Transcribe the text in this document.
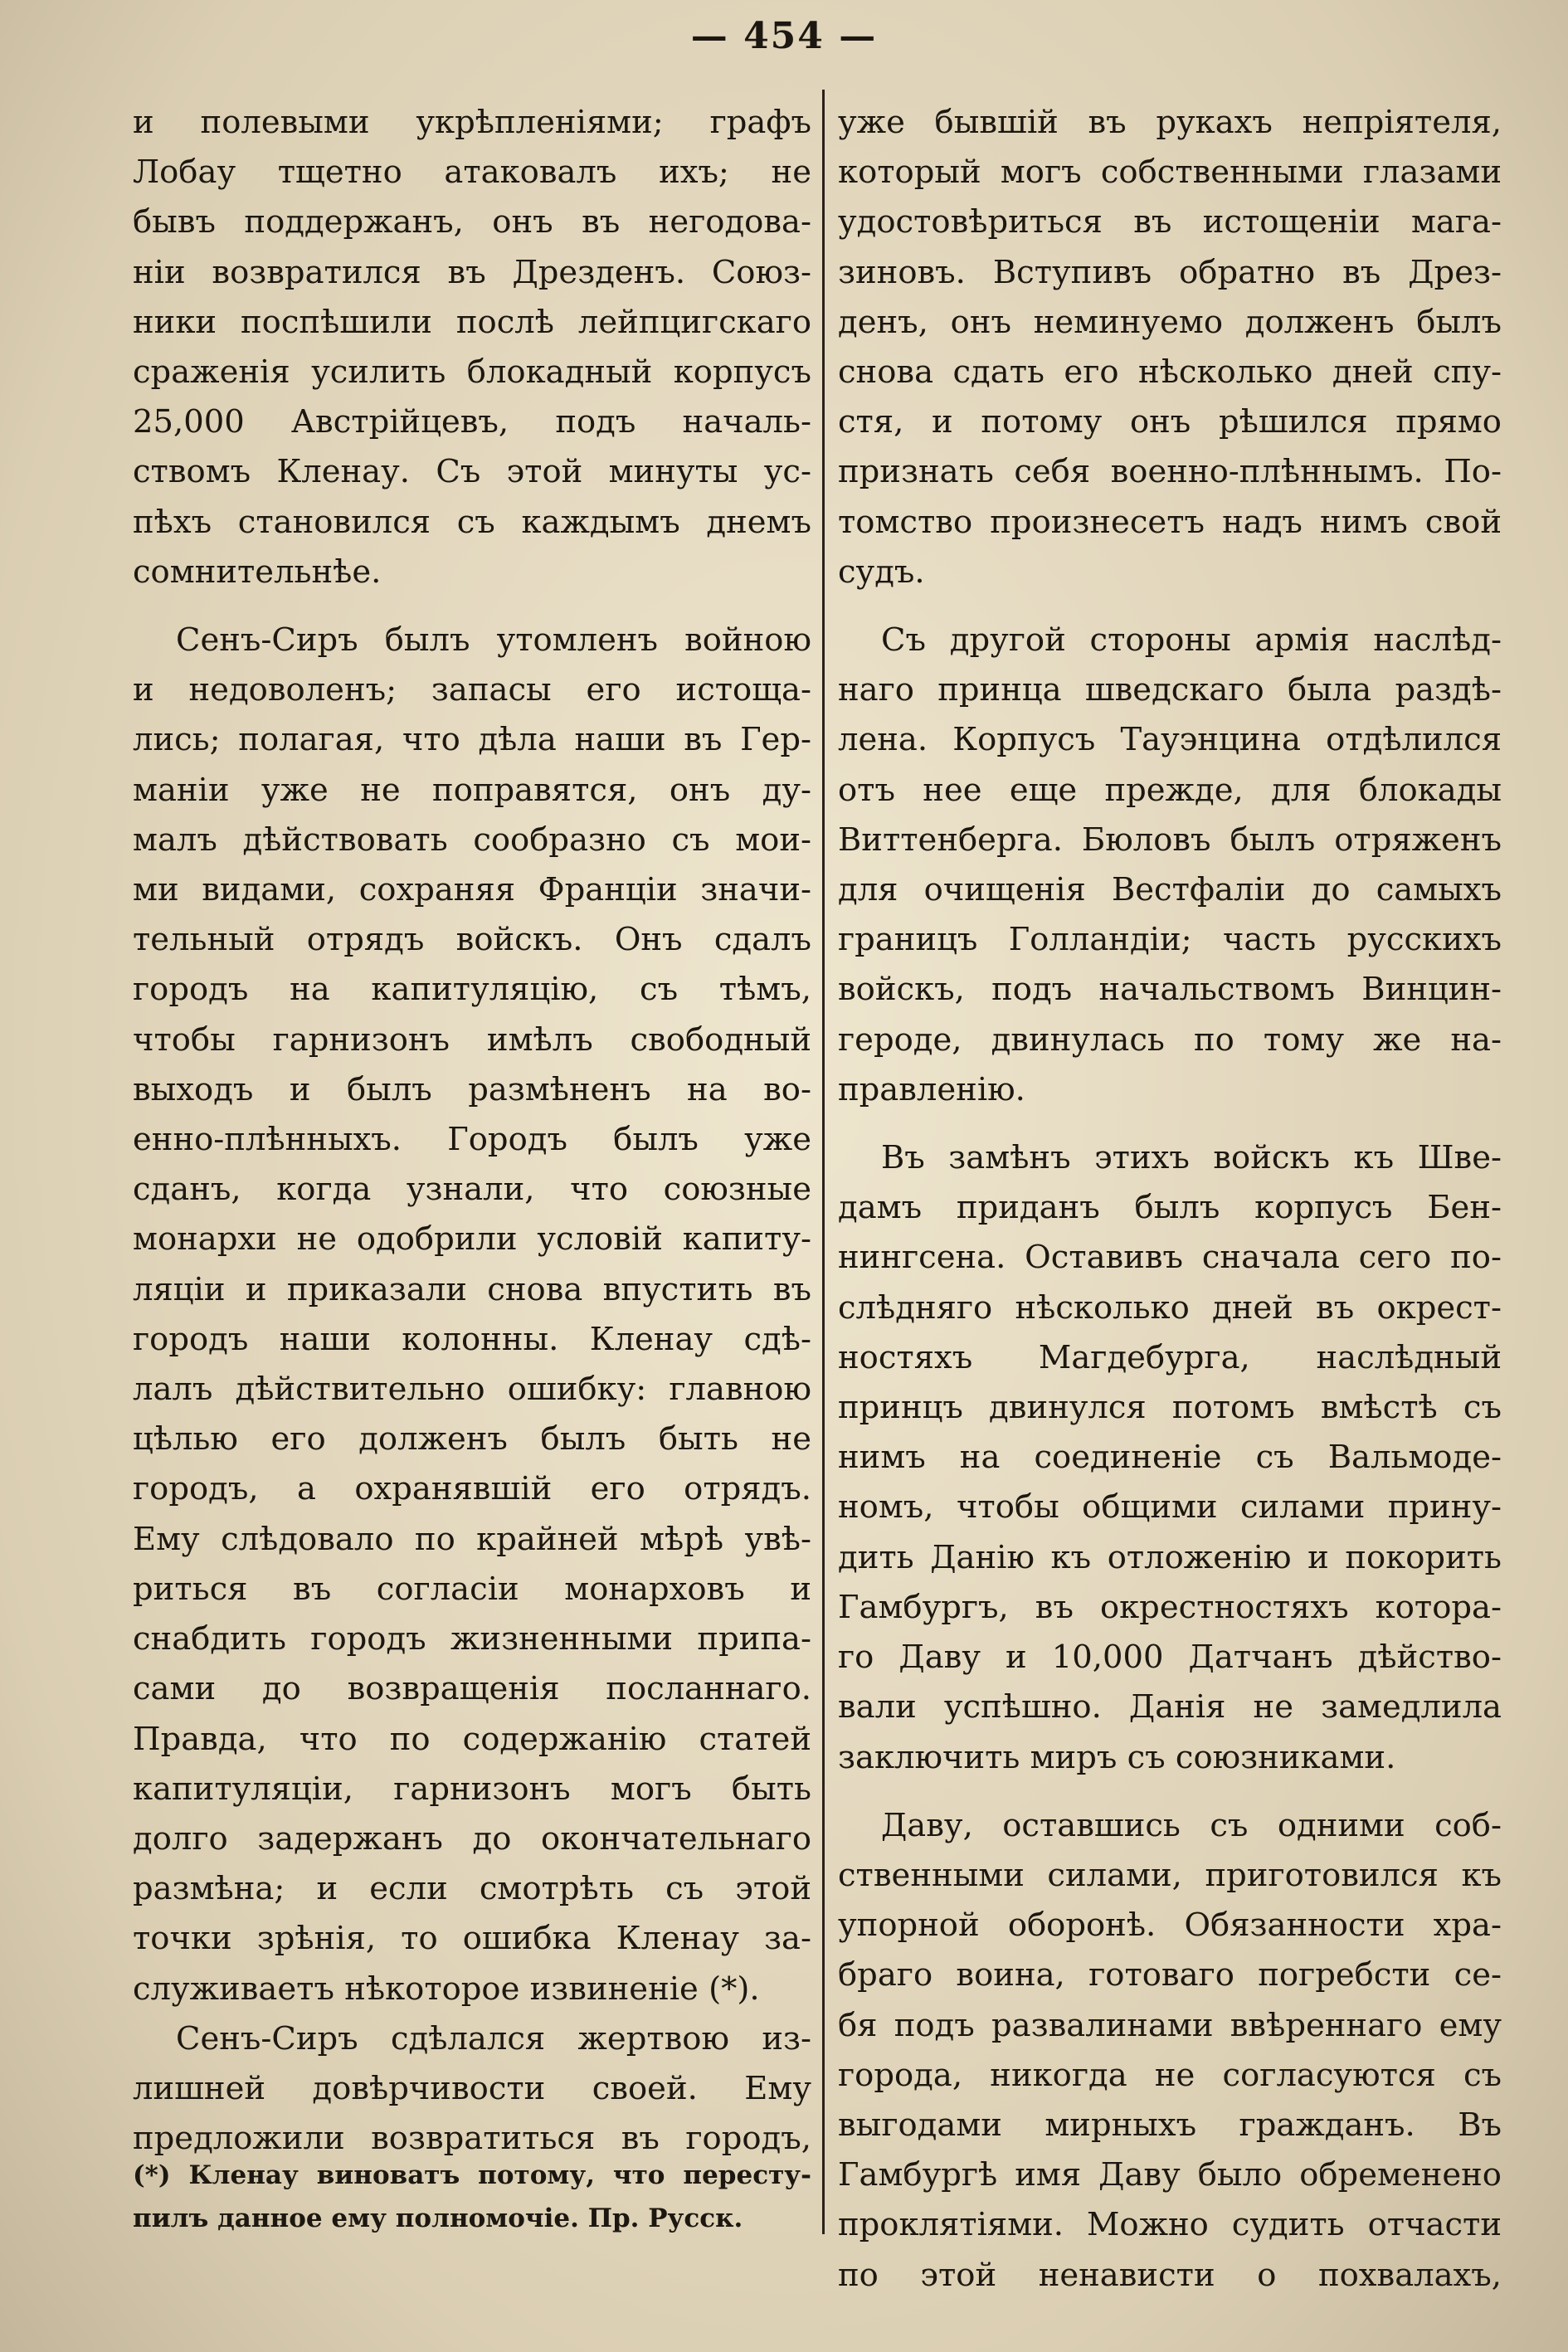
— 454 —
и полевыми укрѣпленіями; графъ
Лобау тщетно атаковалъ ихъ; не
бывъ поддержанъ, онъ въ негодова-
ніи возвратился въ Дрезденъ. Союз-
ники поспѣшили послѣ лейпцигскаго
сраженія усилить блокадный корпусъ
25,000 Австрійцевъ, подъ началь-
ствомъ Кленау. Съ этой минуты ус-
пѣхъ становился съ каждымъ днемъ
сомнительнѣе.
Сенъ-Сиръ былъ утомленъ войною
и недоволенъ; запасы его истоща-
лись; полагая, что дѣла наши въ Гер-
маніи уже не поправятся, онъ ду-
малъ дѣйствовать сообразно съ мои-
ми видами, сохраняя Франціи значи-
тельный отрядъ войскъ. Онъ сдалъ
городъ на капитуляцію, съ тѣмъ,
чтобы гарнизонъ имѣлъ свободный
выходъ и былъ размѣненъ на во-
енно-плѣнныхъ. Городъ былъ уже
сданъ, когда узнали, что союзные
монархи не одобрили условій капиту-
ляціи и приказали снова впустить въ
городъ наши колонны. Кленау сдѣ-
лалъ дѣйствительно ошибку: главною
цѣлью его долженъ былъ быть не
городъ, а охранявшій его отрядъ.
Ему слѣдовало по крайней мѣрѣ увѣ-
риться въ согласіи монарховъ и
снабдить городъ жизненными припа-
сами до возвращенія посланнаго.
Правда, что по содержанію статей
капитуляціи, гарнизонъ могъ быть
долго задержанъ до окончательнаго
размѣна; и если смотрѣть съ этой
точки зрѣнія, то ошибка Кленау за-
служиваетъ нѣкотороe извиненіе (*).
Сенъ-Сиръ сдѣлался жертвою из-
лишней довѣрчивости своей. Ему
предложили возвратиться въ городъ,
уже бывшій въ рукахъ непріятеля,
который могъ собственными глазами
удостовѣриться въ истощеніи мага-
зиновъ. Вступивъ обратно въ Дрез-
денъ, онъ неминуемо долженъ былъ
снова сдать его нѣсколько дней спу-
стя, и потому онъ рѣшился прямо
признать себя военно-плѣннымъ. По-
томство произнесетъ надъ нимъ свой
судъ.
Съ другой стороны армія наслѣд-
наго принца шведскаго была раздѣ-
лена. Корпусъ Тауэнцина отдѣлился
отъ нее еще прежде, для блокады
Виттенберга. Бюловъ былъ отряженъ
для очищенія Вестфаліи до самыхъ
границъ Голландіи; часть русскихъ
войскъ, подъ начальствомъ Винцин-
героде, двинулась по тому же на-
правленію.
Въ замѣнъ этихъ войскъ къ Шве-
дамъ приданъ былъ корпусъ Бен-
нингсена. Оставивъ сначала сего по-
слѣдняго нѣсколько дней въ окрест-
ностяхъ Магдебурга, наслѣдный
принцъ двинулся потомъ вмѣстѣ съ
нимъ на соединеніе съ Вальмоде-
номъ, чтобы общими силами прину-
дить Данію къ отложенію и покорить
Гамбургъ, въ окрестностяхъ котора-
го Даву и 10,000 Датчанъ дѣйство-
вали успѣшно. Данія не замедлила
заключить миръ съ союзниками.
Даву, оставшись съ одними соб-
ственными силами, приготовился къ
упорной оборонѣ. Обязанности хра-
браго воина, готоваго погребсти се-
бя подъ развалинами ввѣреннаго ему
города, никогда не согласуются съ
выгодами мирныхъ гражданъ. Въ
Гамбургѣ имя Даву было обременено
проклятіями. Можно судить отчасти
по этой ненависти о похвалахъ,
(*) Кленау виноватъ потому, что пересту-
пилъ данное ему полномочіе. Пр. Русск.
